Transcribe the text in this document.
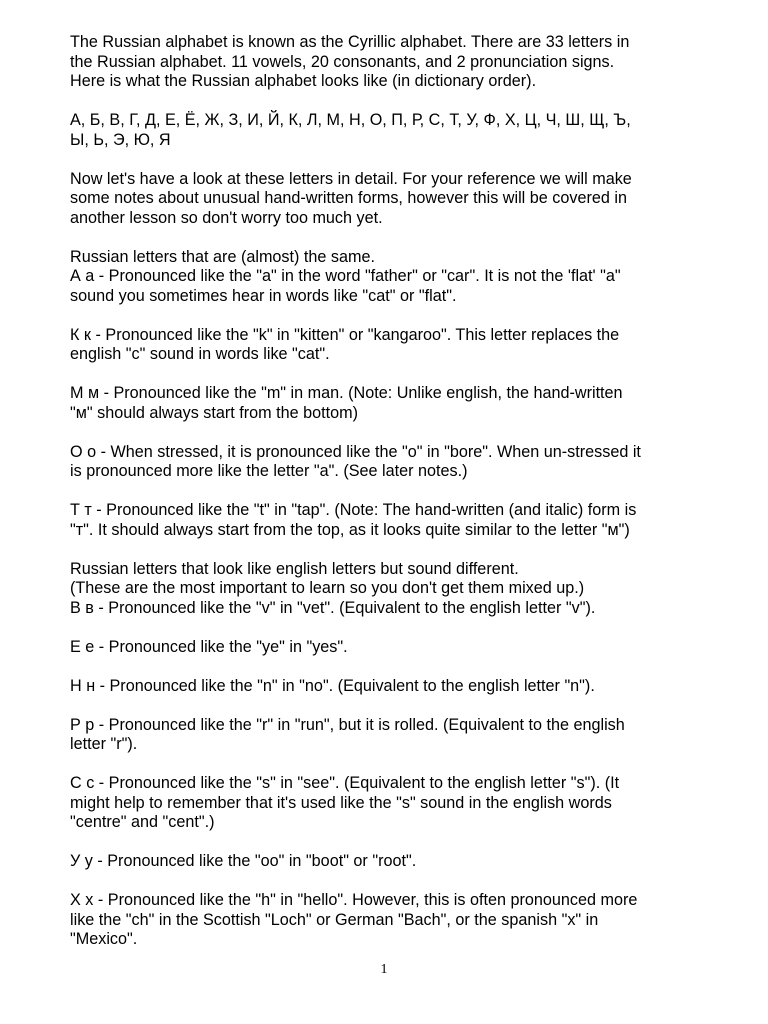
The Russian alphabet is known as the Cyrillic alphabet. There are 33 letters in
the Russian alphabet. 11 vowels, 20 consonants, and 2 pronunciation signs.
Here is what the Russian alphabet looks like (in dictionary order).
А, Б, В, Г, Д, Е, Ё, Ж, З, И, Й, К, Л, М, Н, О, П, Р, С, Т, У, Ф, Х, Ц, Ч, Ш, Щ, Ъ,
Ы, Ь, Э, Ю, Я
Now let's have a look at these letters in detail. For your reference we will make
some notes about unusual hand-written forms, however this will be covered in
another lesson so don't worry too much yet.
Russian letters that are (almost) the same.
А а - Pronounced like the "a" in the word "father" or "car". It is not the 'flat' "a"
sound you sometimes hear in words like "cat" or "flat".
К к - Pronounced like the "k" in "kitten" or "kangaroo". This letter replaces the
english "c" sound in words like "cat".
М м - Pronounced like the "m" in man. (Note: Unlike english, the hand-written
"м" should always start from the bottom)
О о - When stressed, it is pronounced like the "o" in "bore". When un-stressed it
is pronounced more like the letter "a". (See later notes.)
Т т - Pronounced like the "t" in "tap". (Note: The hand-written (and italic) form is
"т". It should always start from the top, as it looks quite similar to the letter "м")
Russian letters that look like english letters but sound different.
(These are the most important to learn so you don't get them mixed up.)
В в - Pronounced like the "v" in "vet". (Equivalent to the english letter "v").
Е е - Pronounced like the "ye" in "yes".
Н н - Pronounced like the "n" in "no". (Equivalent to the english letter "n").
Р р - Pronounced like the "r" in "run", but it is rolled. (Equivalent to the english
letter "r").
С с - Pronounced like the "s" in "see". (Equivalent to the english letter "s"). (It
might help to remember that it's used like the "s" sound in the english words
"centre" and "cent".)
У у - Pronounced like the "oo" in "boot" or "root".
Х х - Pronounced like the "h" in "hello". However, this is often pronounced more
like the "ch" in the Scottish "Loch" or German "Bach", or the spanish "x" in
"Mexico".
1
